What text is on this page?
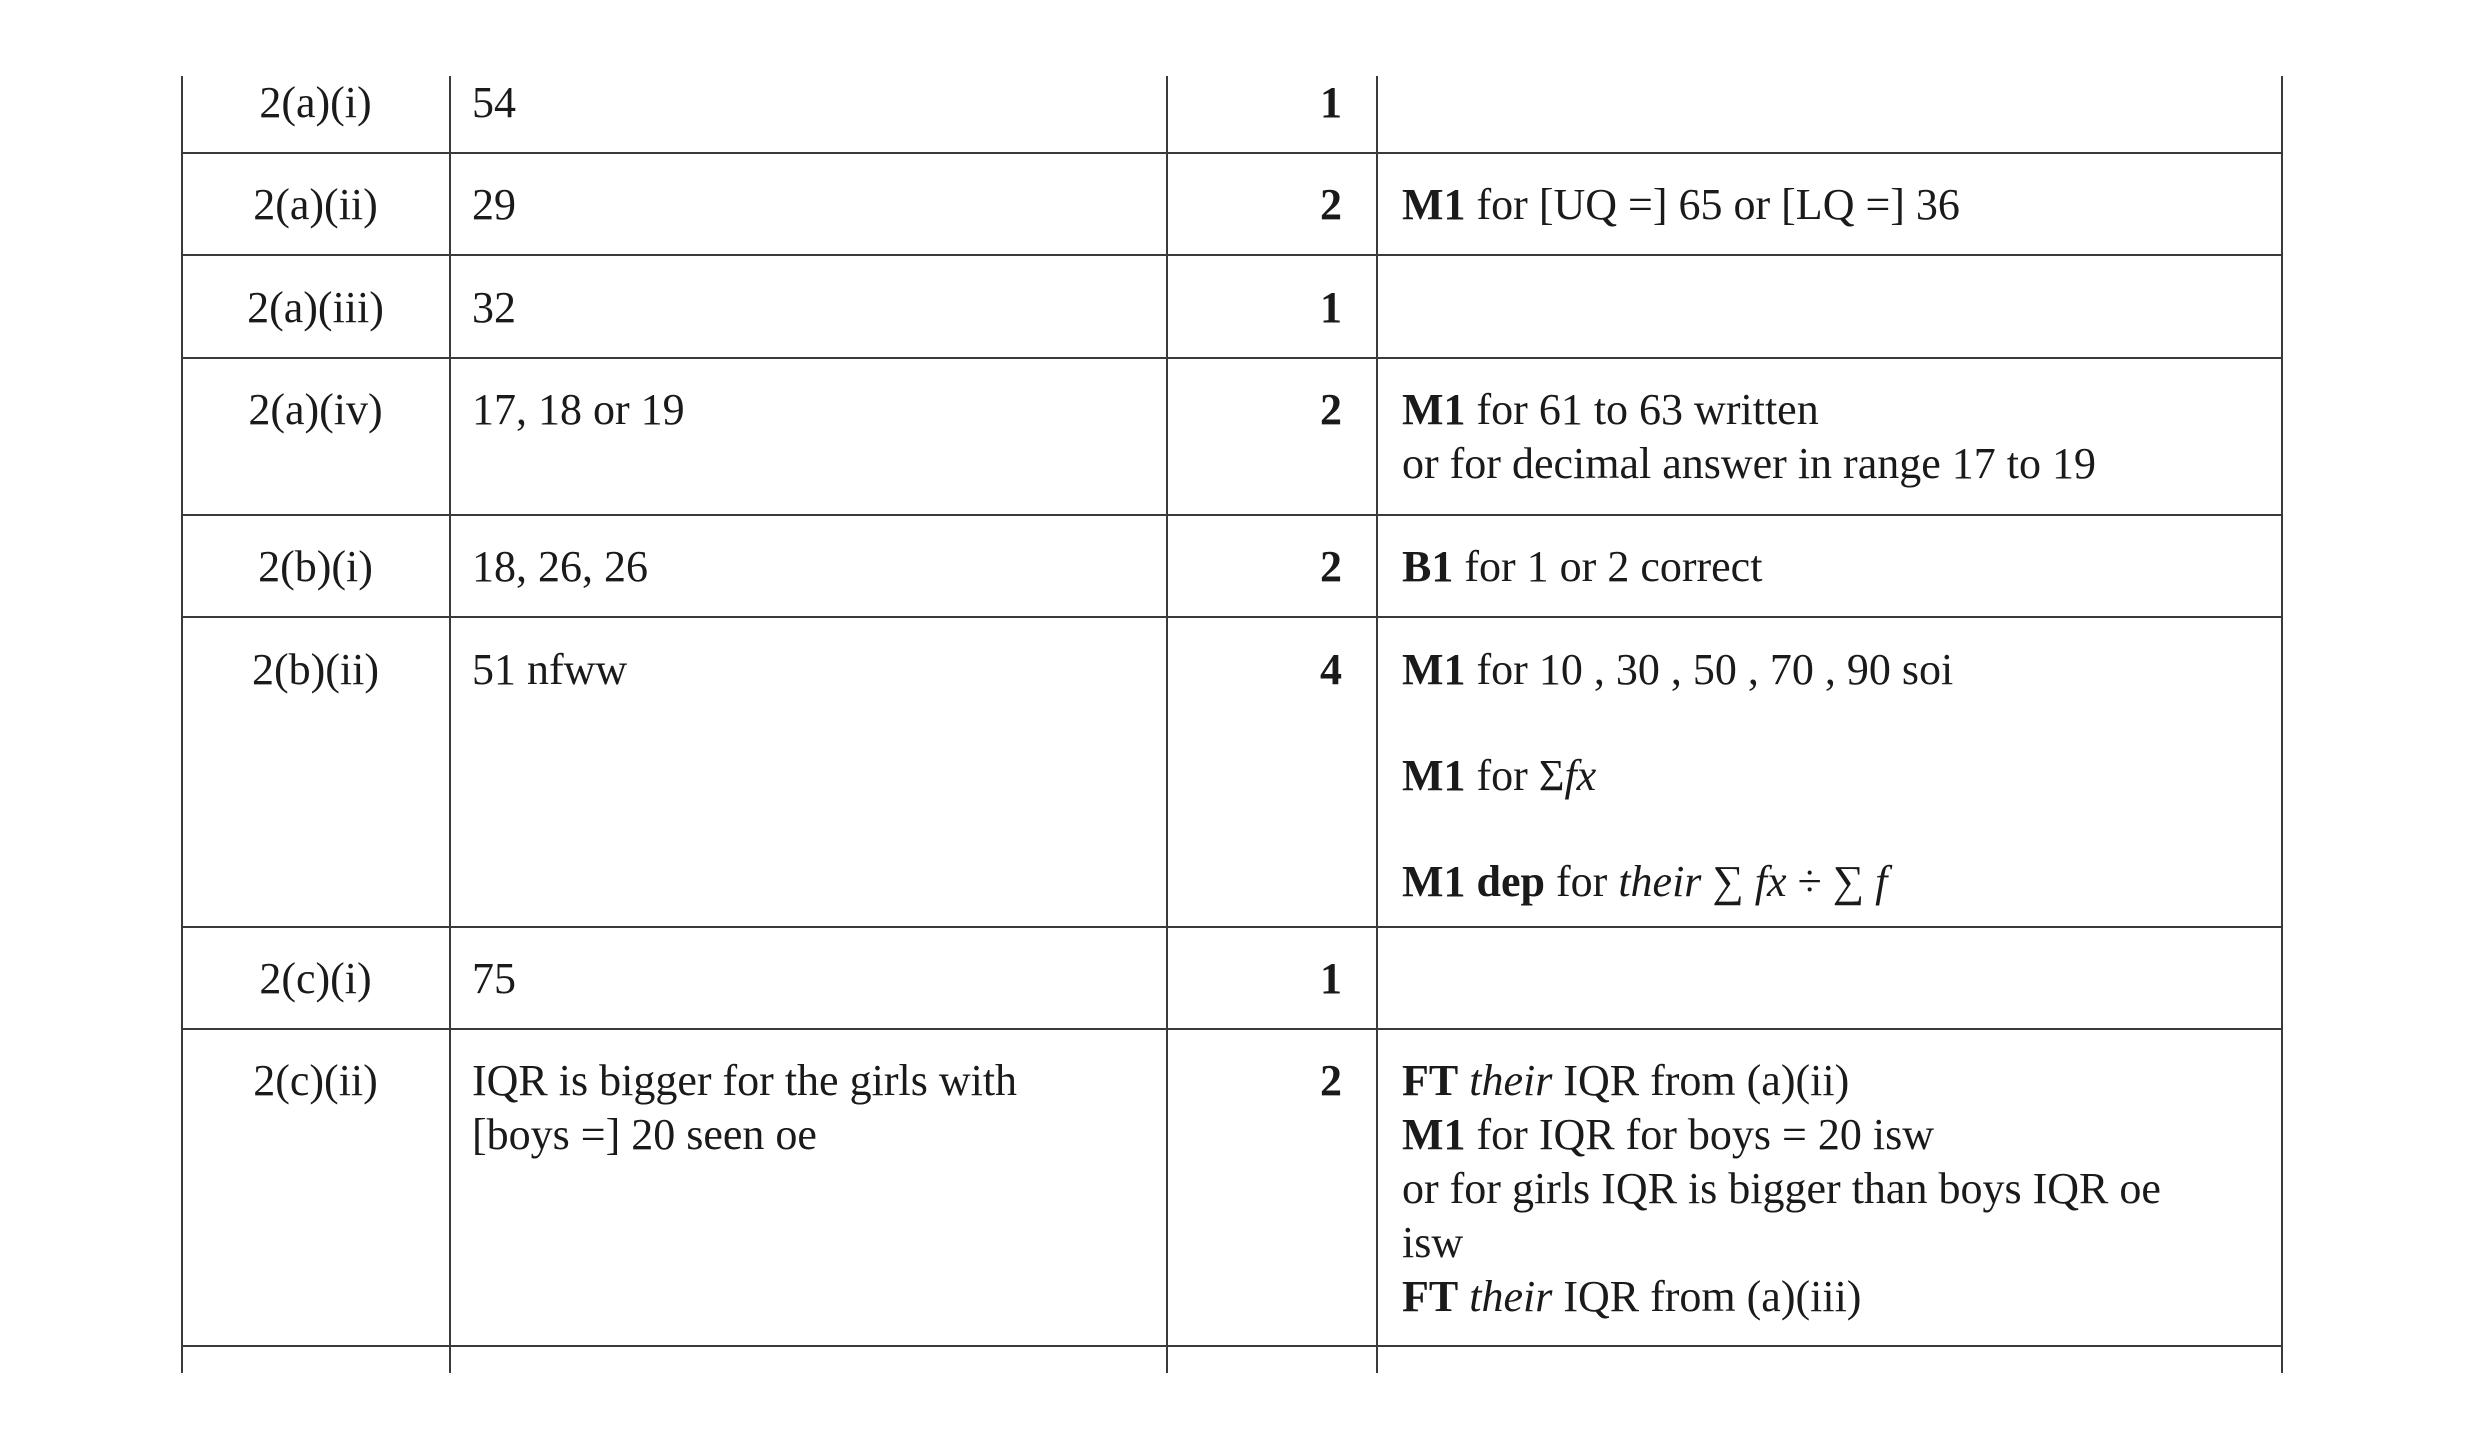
2(a)(i)	54	1
2(a)(ii)	29	2 M1 for [UQ =] 65 or [LQ =] 36
2(a)(iii)	32	1
2(a)(iv)	17, 18 or 19	2 M1 for 61 to 63 written
or for decimal answer in range 17 to 19
2(b)(i)	18, 26, 26	2 B1 for 1 or 2 correct
2(b)(ii)	51 nfww	4 M1 for 10 , 30 , 50 , 70 , 90 soi
M1 for Σfx
M1 dep for their ∑ fx ÷ ∑ f
2(c)(i)	75	1
2(c)(ii)	IQR is bigger for the girls with
[boys =] 20 seen oe
2 FT their IQR from (a)(ii)
M1 for IQR for boys = 20 isw
or for girls IQR is bigger than boys IQR oe
isw
FT their IQR from (a)(iii)
